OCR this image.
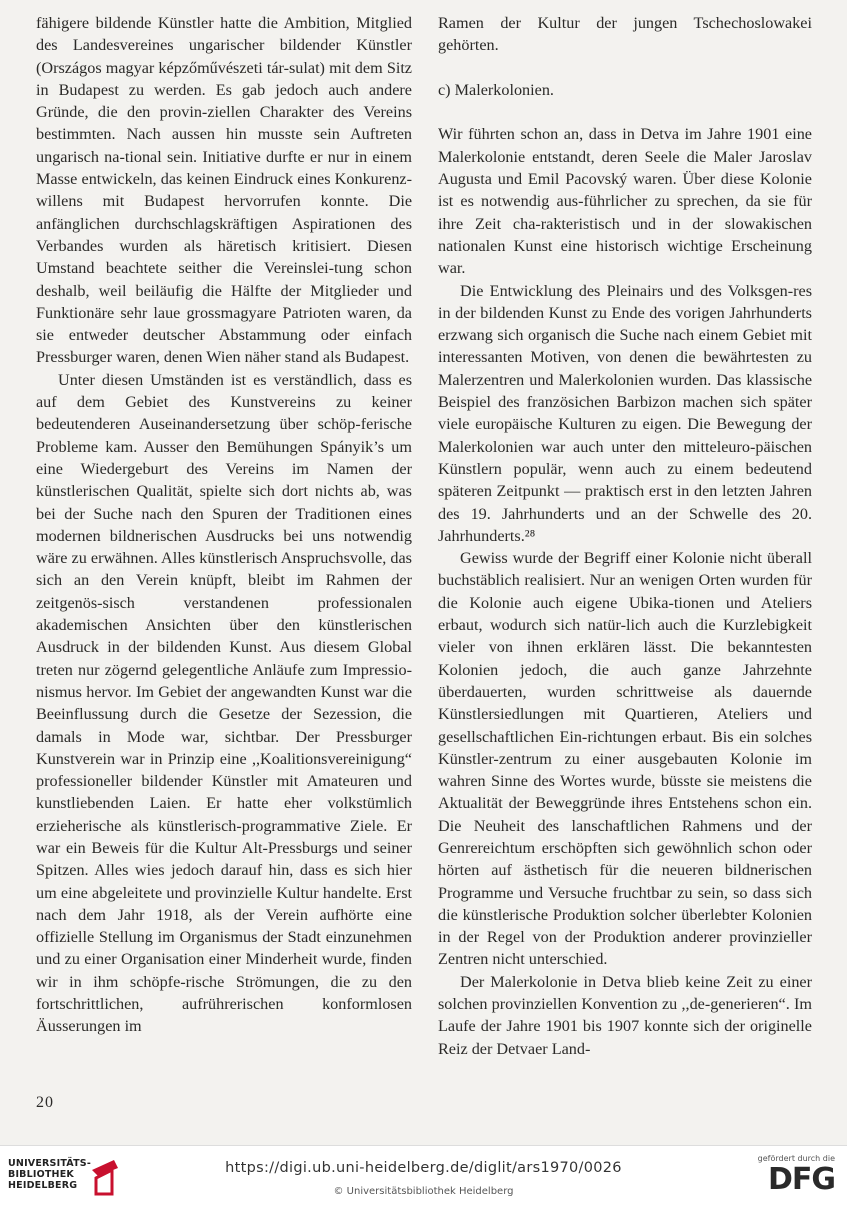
fähigere bildende Künstler hatte die Ambition, Mitglied des Landesvereines ungarischer bildender Künstler (Országos magyar képzőművészeti tár-sulat) mit dem Sitz in Budapest zu werden. Es gab jedoch auch andere Gründe, die den provin-ziellen Charakter des Vereins bestimmten. Nach aussen hin musste sein Auftreten ungarisch na-tional sein. Initiative durfte er nur in einem Masse entwickeln, das keinen Eindruck eines Konkurenz-willens mit Budapest hervorrufen konnte. Die anfänglichen durchschlagskräftigen Aspirationen des Verbandes wurden als häretisch kritisiert. Diesen Umstand beachtete seither die Vereinslei-tung schon deshalb, weil beiläufig die Hälfte der Mitglieder und Funktionäre sehr laue grossmagyare Patrioten waren, da sie entweder deutscher Abstammung oder einfach Pressburger waren, denen Wien näher stand als Budapest.

Unter diesen Umständen ist es verständlich, dass es auf dem Gebiet des Kunstvereins zu keiner bedeutenderen Auseinandersetzung über schöp-ferische Probleme kam. Ausser den Bemühungen Spányik’s um eine Wiedergeburt des Vereins im Namen der künstlerischen Qualität, spielte sich dort nichts ab, was bei der Suche nach den Spuren der Traditionen eines modernen bildnerischen Ausdrucks bei uns notwendig wäre zu erwähnen. Alles künstlerisch Anspruchsvolle, das sich an den Verein knüpft, bleibt im Rahmen der zeitgenös-sisch verstandenen professionalen akademischen Ansichten über den künstlerischen Ausdruck in der bildenden Kunst. Aus diesem Global treten nur zögernd gelegentliche Anläufe zum Impressio-nismus hervor. Im Gebiet der angewandten Kunst war die Beeinflussung durch die Gesetze der Sezession, die damals in Mode war, sichtbar. Der Pressburger Kunstverein war in Prinzip eine ,,Koalitionsvereinigung“ professioneller bildender Künstler mit Amateuren und kunstliebenden Laien. Er hatte eher volkstümlich erzieherische als künstlerisch-programmative Ziele. Er war ein Beweis für die Kultur Alt-Pressburgs und seiner Spitzen. Alles wies jedoch darauf hin, dass es sich hier um eine abgeleitete und provinzielle Kultur handelte. Erst nach dem Jahr 1918, als der Verein aufhörte eine offizielle Stellung im Organismus der Stadt einzunehmen und zu einer Organisation einer Minderheit wurde, finden wir in ihm schöpfe-rische Strömungen, die zu den fortschrittlichen, aufrührerischen konformlosen Äusserungen im

Ramen der Kultur der jungen Tschechoslowakei gehörten.

c) Malerkolonien.

Wir führten schon an, dass in Detva im Jahre 1901 eine Malerkolonie entstandt, deren Seele die Maler Jaroslav Augusta und Emil Pacovský waren. Über diese Kolonie ist es notwendig aus-führlicher zu sprechen, da sie für ihre Zeit cha-rakteristisch und in der slowakischen nationalen Kunst eine historisch wichtige Erscheinung war.

Die Entwicklung des Pleinairs und des Volksgen-res in der bildenden Kunst zu Ende des vorigen Jahrhunderts erzwang sich organisch die Suche nach einem Gebiet mit interessanten Motiven, von denen die bewährtesten zu Malerzentren und Malerkolonien wurden. Das klassische Beispiel des französichen Barbizon machen sich später viele europäische Kulturen zu eigen. Die Bewegung der Malerkolonien war auch unter den mitteleuro-päischen Künstlern populär, wenn auch zu einem bedeutend späteren Zeitpunkt — praktisch erst in den letzten Jahren des 19. Jahrhunderts und an der Schwelle des 20. Jahrhunderts.²⁸

Gewiss wurde der Begriff einer Kolonie nicht überall buchstäblich realisiert. Nur an wenigen Orten wurden für die Kolonie auch eigene Ubika-tionen und Ateliers erbaut, wodurch sich natür-lich auch die Kurzlebigkeit vieler von ihnen erklären lässt. Die bekanntesten Kolonien jedoch, die auch ganze Jahrzehnte überdauerten, wurden schrittweise als dauernde Künstlersiedlungen mit Quartieren, Ateliers und gesellschaftlichen Ein-richtungen erbaut. Bis ein solches Künstler-zentrum zu einer ausgebauten Kolonie im wahren Sinne des Wortes wurde, büsste sie meistens die Aktualität der Beweggründe ihres Entstehens schon ein. Die Neuheit des lanschaftlichen Rahmens und der Genrereichtum erschöpften sich gewöhnlich schon oder hörten auf ästhetisch für die neueren bildnerischen Programme und Versuche fruchtbar zu sein, so dass sich die künstlerische Produktion solcher überlebter Kolonien in der Regel von der Produktion anderer provinzieller Zentren nicht unterschied.

Der Malerkolonie in Detva blieb keine Zeit zu einer solchen provinziellen Konvention zu ,,de-generieren“. Im Laufe der Jahre 1901 bis 1907 konnte sich der originelle Reiz der Detvaer Land-

20
UNIVERSITÄTS-
BIBLIOTHEK
HEIDELBERG
https://digi.ub.uni-heidelberg.de/diglit/ars1970/0026
© Universitätsbibliothek Heidelberg
gefördert durch die
DFG
